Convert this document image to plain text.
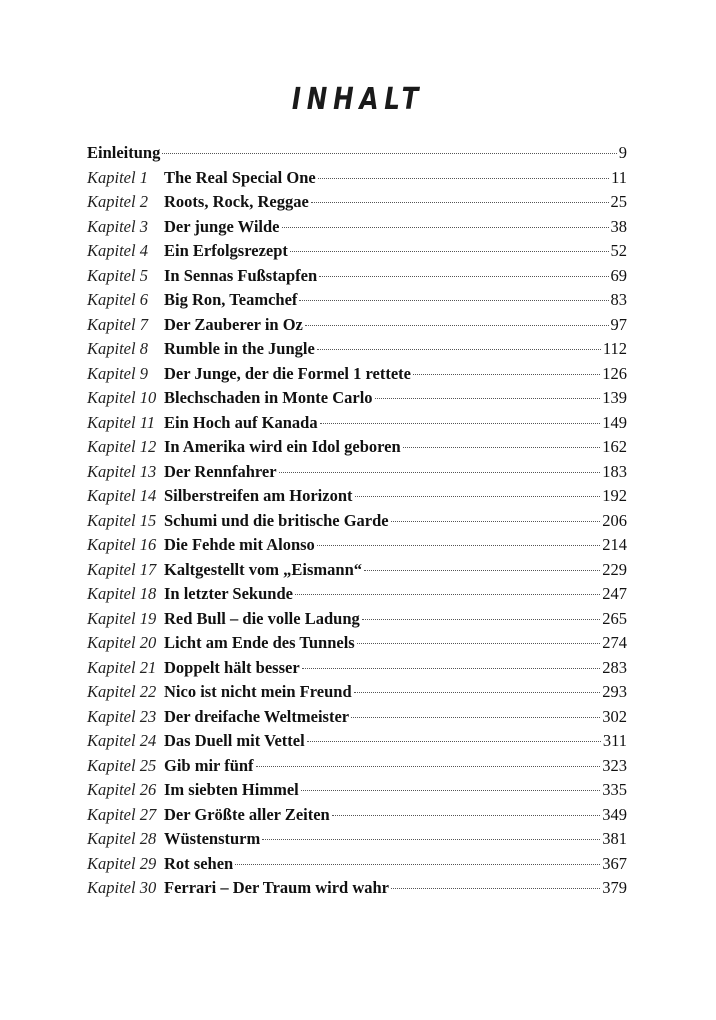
INHALT
Einleitung	9
Kapitel 1 The Real Special One	11
Kapitel 2 Roots, Rock, Reggae	25
Kapitel 3 Der junge Wilde	38
Kapitel 4 Ein Erfolgsrezept	52
Kapitel 5 In Sennas Fußstapfen	69
Kapitel 6 Big Ron, Teamchef	83
Kapitel 7 Der Zauberer in Oz	97
Kapitel 8 Rumble in the Jungle	112
Kapitel 9 Der Junge, der die Formel 1 rettete	126
Kapitel 10 Blechschaden in Monte Carlo	139
Kapitel 11 Ein Hoch auf Kanada	149
Kapitel 12 In Amerika wird ein Idol geboren	162
Kapitel 13 Der Rennfahrer	183
Kapitel 14 Silberstreifen am Horizont	192
Kapitel 15 Schumi und die britische Garde	206
Kapitel 16 Die Fehde mit Alonso	214
Kapitel 17 Kaltgestellt vom „Eismann“	229
Kapitel 18 In letzter Sekunde	247
Kapitel 19 Red Bull – die volle Ladung	265
Kapitel 20 Licht am Ende des Tunnels	274
Kapitel 21 Doppelt hält besser	283
Kapitel 22 Nico ist nicht mein Freund	293
Kapitel 23 Der dreifache Weltmeister	302
Kapitel 24 Das Duell mit Vettel	311
Kapitel 25 Gib mir fünf	323
Kapitel 26 Im siebten Himmel	335
Kapitel 27 Der Größte aller Zeiten	349
Kapitel 28 Wüstensturm	381
Kapitel 29 Rot sehen	367
Kapitel 30 Ferrari – Der Traum wird wahr	379
